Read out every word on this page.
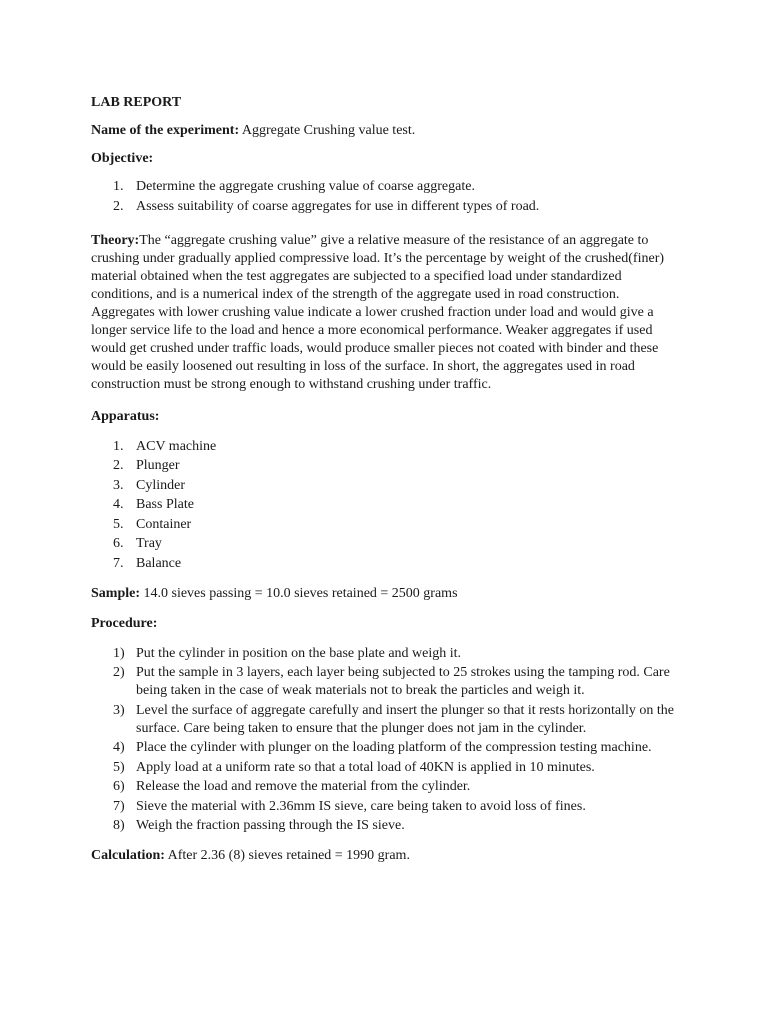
LAB REPORT
Name of the experiment: Aggregate Crushing value test.
Objective:
1. Determine the aggregate crushing value of coarse aggregate.
2. Assess suitability of coarse aggregates for use in different types of road.
Theory:The “aggregate crushing value” give a relative measure of the resistance of an aggregate to crushing under gradually applied compressive load. It’s the percentage by weight of the crushed(finer) material obtained when the test aggregates are subjected to a specified load under standardized conditions, and is a numerical index of the strength of the aggregate used in road construction. Aggregates with lower crushing value indicate a lower crushed fraction under load and would give a longer service life to the load and hence a more economical performance. Weaker aggregates if used would get crushed under traffic loads, would produce smaller pieces not coated with binder and these would be easily loosened out resulting in loss of the surface. In short, the aggregates used in road construction must be strong enough to withstand crushing under traffic.
Apparatus:
1. ACV machine
2. Plunger
3. Cylinder
4. Bass Plate
5. Container
6. Tray
7. Balance
Sample: 14.0 sieves passing = 10.0 sieves retained = 2500 grams
Procedure:
1) Put the cylinder in position on the base plate and weigh it.
2) Put the sample in 3 layers, each layer being subjected to 25 strokes using the tamping rod. Care being taken in the case of weak materials not to break the particles and weigh it.
3) Level the surface of aggregate carefully and insert the plunger so that it rests horizontally on the surface. Care being taken to ensure that the plunger does not jam in the cylinder.
4) Place the cylinder with plunger on the loading platform of the compression testing machine.
5) Apply load at a uniform rate so that a total load of 40KN is applied in 10 minutes.
6) Release the load and remove the material from the cylinder.
7) Sieve the material with 2.36mm IS sieve, care being taken to avoid loss of fines.
8) Weigh the fraction passing through the IS sieve.
Calculation: After 2.36 (8) sieves retained = 1990 gram.
